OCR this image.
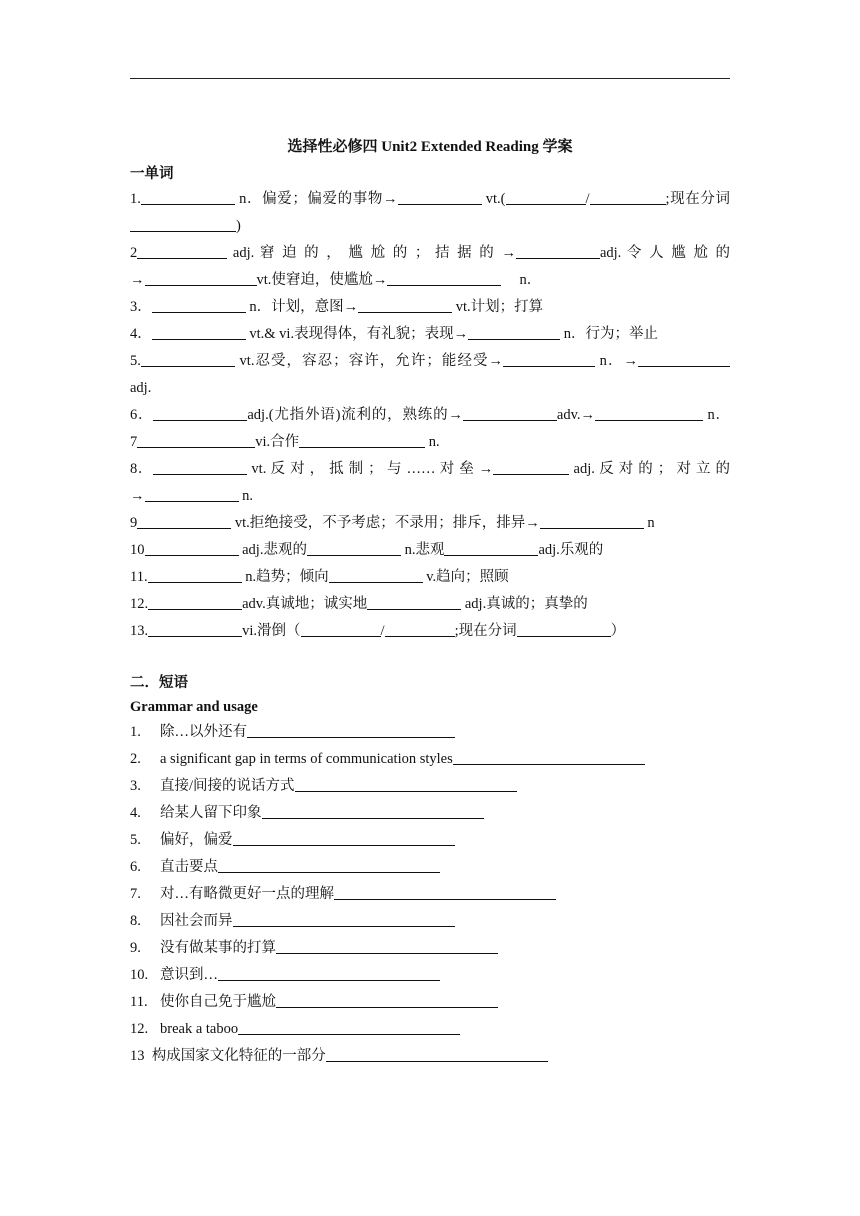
选择性必修四 Unit2 Extended Reading 学案
一单词
1.	n．偏爱；偏爱的事物→	vt.(	/	;现在分词
)
2	adj. 窘 迫 的 ， 尴 尬 的 ； 拮 据 的 →	adj. 令 人 尴 尬 的
→	vt.使窘迫，使尴尬→	n．
3．	n．计划，意图→	vt.计划；打算
4．	vt.& vi.表现得体，有礼貌；表现→	n．行为；举止
5.	vt.忍受，容忍；容许，允许；能经受→	n．→
adj.
6．	adj.(尤指外语)流利的，熟练的→	adv.→	n．
7	vi.合作	n.
8．	vt. 反 对 ， 抵 制 ； 与 …… 对 垒 →	adj. 反 对 的 ； 对 立 的
→	n.
9	vt.拒绝接受，不予考虑；不录用；排斥，排异→	n
10	adj.悲观的	n.悲观	adj.乐观的
11.	n.趋势；倾向	v.趋向；照顾
12.	adv.真诚地；诚实地	adj.真诚的；真挚的
13.	vi.滑倒（	/	;现在分词	）
二．短语
Grammar and usage
1. 除…以外还有
2. a significant gap in terms of communication styles
3. 直接/间接的说话方式
4. 给某人留下印象
5. 偏好，偏爱
6. 直击要点
7. 对…有略微更好一点的理解
8. 因社会而异
9. 没有做某事的打算
10. 意识到…
11. 使你自己免于尴尬
12. break a taboo
13 构成国家文化特征的一部分
